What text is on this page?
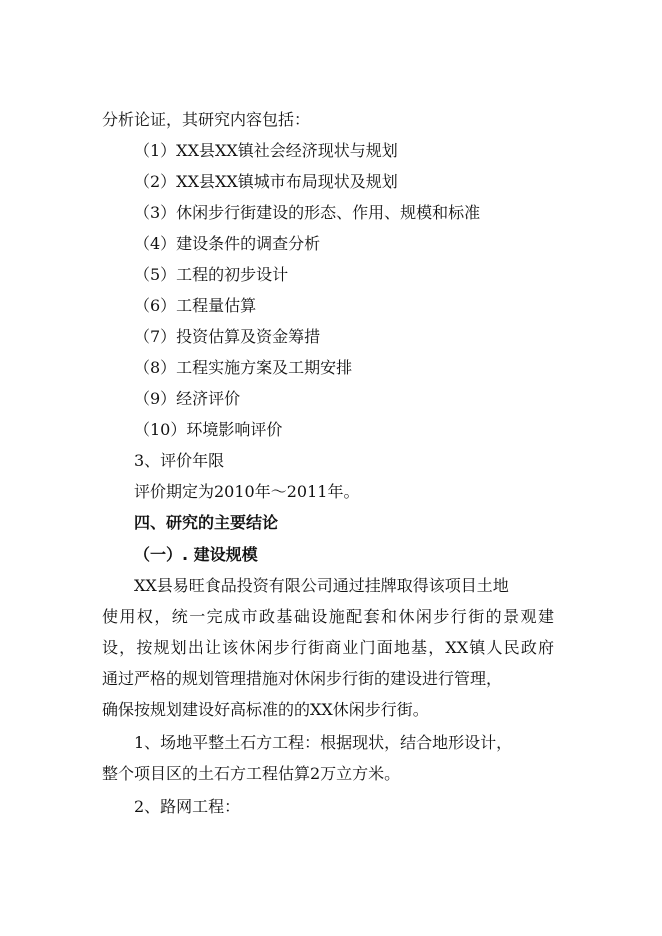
分析论证，其研究内容包括：
（1）XX县XX镇社会经济现状与规划
（2）XX县XX镇城市布局现状及规划
（3）休闲步行街建设的形态、作用、规模和标准
（4）建设条件的调查分析
（5）工程的初步设计
（6）工程量估算
（7）投资估算及资金筹措
（8）工程实施方案及工期安排
（9）经济评价
（10）环境影响评价
3、评价年限
评价期定为2010年～2011年。
四、研究的主要结论
（一）. 建设规模
XX县易旺食品投资有限公司通过挂牌取得该项目土地
使用权，统一完成市政基础设施配套和休闲步行街的景观建
设，按规划出让该休闲步行街商业门面地基，XX镇人民政府
通过严格的规划管理措施对休闲步行街的建设进行管理，
确保按规划建设好高标准的的XX休闲步行街。
1、场地平整土石方工程：根据现状，结合地形设计，
整个项目区的土石方工程估算2万立方米。
2、路网工程：
